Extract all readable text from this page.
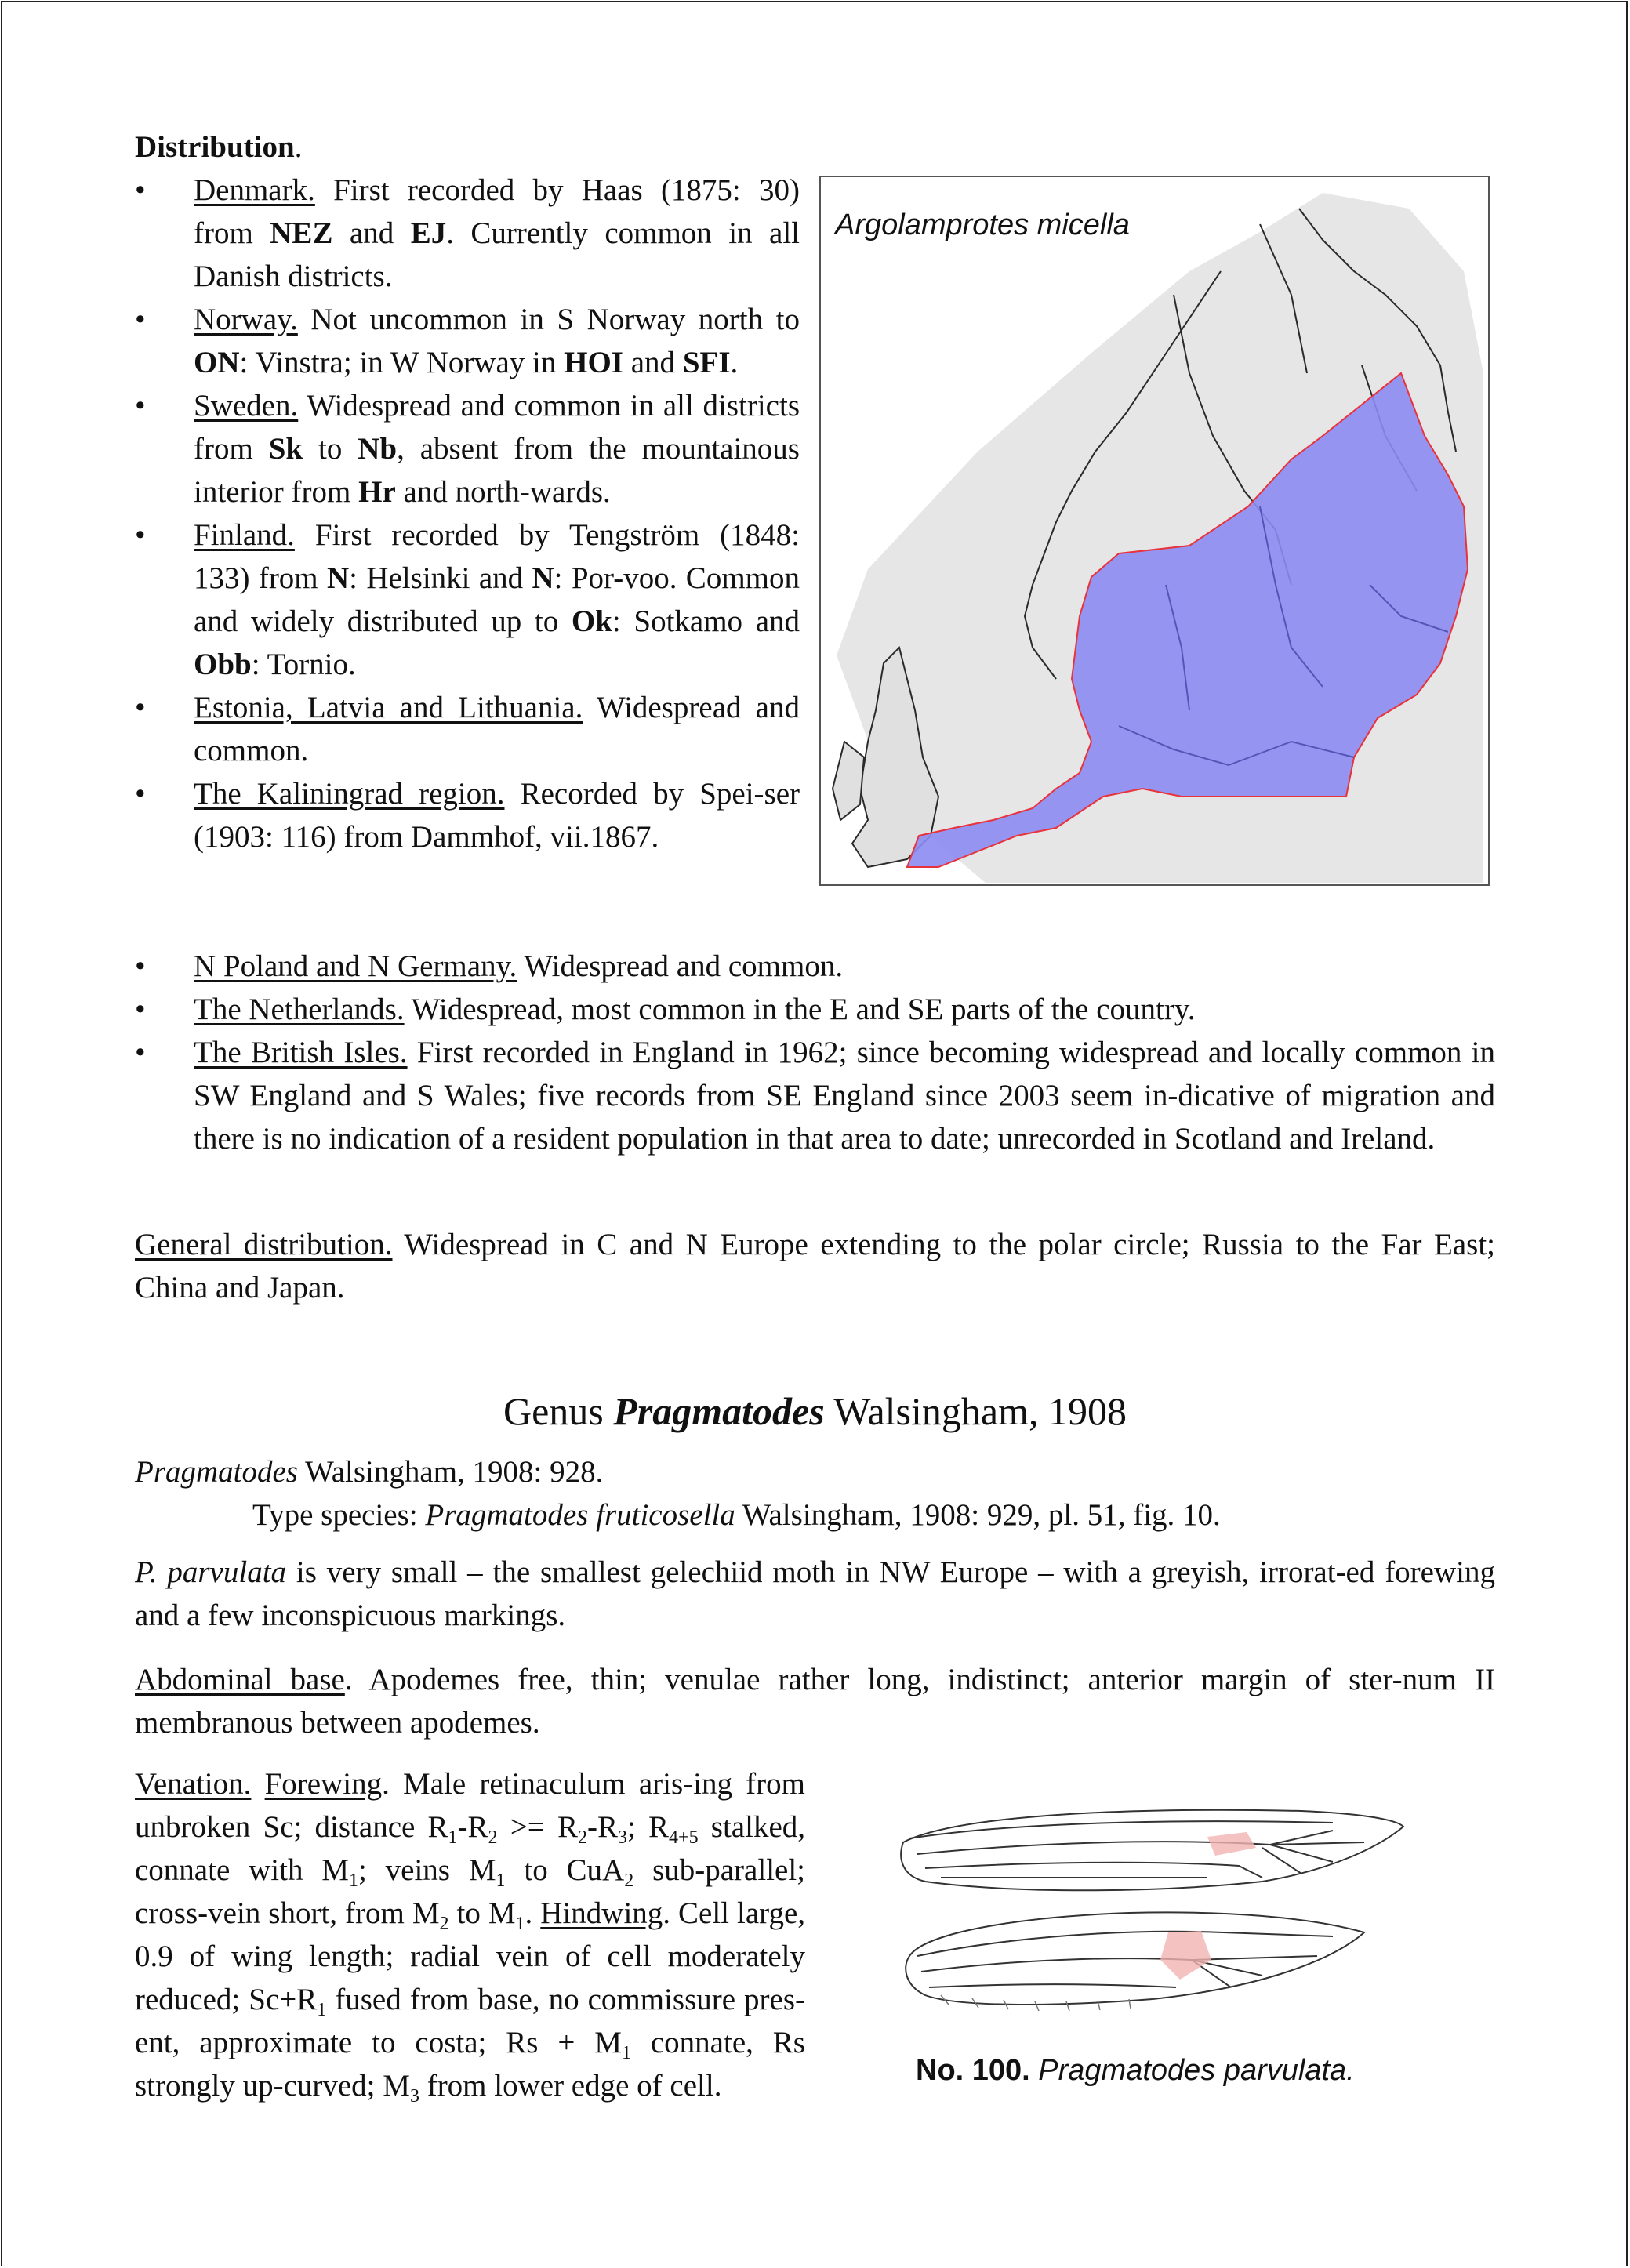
Distribution.
•	Denmark. First recorded by Haas (1875: 30) from NEZ and EJ. Currently common in all Danish districts.
•	Norway. Not uncommon in S Norway north to ON: Vinstra; in W Norway in HOI and SFI.
•	Sweden. Widespread and common in all districts from Sk to Nb, absent from the mountainous interior from Hr and north-wards.
•	Finland. First recorded by Tengström (1848: 133) from N: Helsinki and N: Por-voo. Common and widely distributed up to Ok: Sotkamo and Obb: Tornio.
•	Estonia, Latvia and Lithuania. Widespread and common.
•	The Kaliningrad region. Recorded by Spei-ser (1903: 116) from Dammhof, vii.1867.
•	N Poland and N Germany. Widespread and common.
•	The Netherlands. Widespread, most common in the E and SE parts of the country.
•	The British Isles. First recorded in England in 1962; since becoming widespread and locally common in SW England and S Wales; five records from SE England since 2003 seem in-dicative of migration and there is no indication of a resident population in that area to date; unrecorded in Scotland and Ireland.
General distribution. Widespread in C and N Europe extending to the polar circle; Russia to the Far East; China and Japan.
Argolamprotes micella
Genus Pragmatodes Walsingham, 1908
Pragmatodes Walsingham, 1908: 928.
Type species: Pragmatodes fruticosella Walsingham, 1908: 929, pl. 51, fig. 10.
P. parvulata is very small – the smallest gelechiid moth in NW Europe – with a greyish, irrorat-ed forewing and a few inconspicuous markings.
Abdominal base. Apodemes free, thin; venulae rather long, indistinct; anterior margin of ster-num II membranous between apodemes.
Venation. Forewing. Male retinaculum aris-ing from unbroken Sc; distance $R_1-R_2 >= R_2-R_3$; $R_{4+5}$ stalked, connate with $M_1$; veins $M_1$ to CuA$_2$ sub-parallel; cross-vein short, from $M_2$ to $M_1$. Hindwing. Cell large, 0.9 of wing length; radial vein of cell moderately reduced; $Sc+R_1$ fused from base, no commissure pres-ent, approximate to costa; $Rs + M_1$ connate, Rs strongly up-curved; $M_3$ from lower edge of cell.	No. 100. Pragmatodes parvulata.
